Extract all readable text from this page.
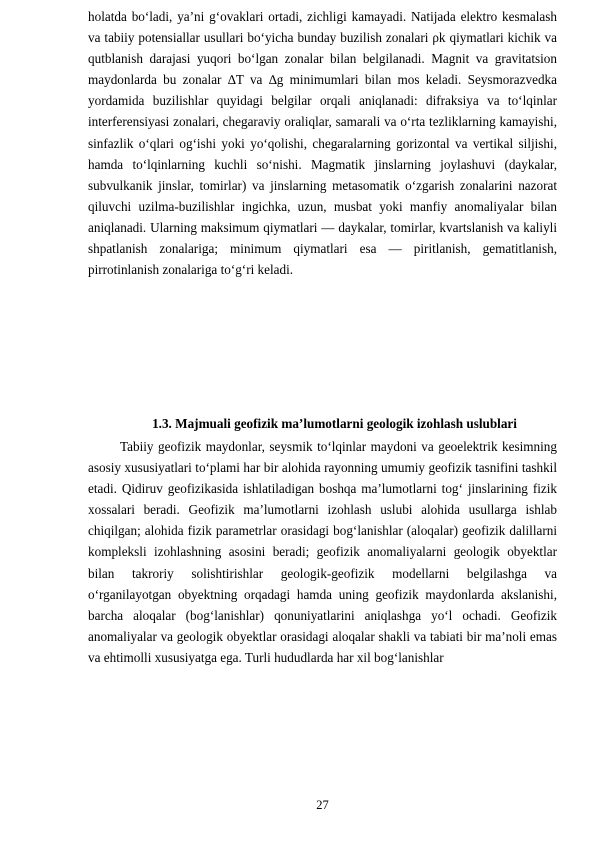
holatda bo‘ladi, ya’ni g‘ovaklari ortadi, zichligi kamayadi. Natijada elektro kesmalash va tabiiy potensiallar usullari bo‘yicha bunday buzilish zonalari ρk qiymatlari kichik va qutblanish darajasi yuqori bo‘lgan zonalar bilan belgilanadi. Magnit va gravitatsion maydonlarda bu zonalar ∆T va ∆g minimumlari bilan mos keladi. Seysmorazvedka yordamida buzilishlar quyidagi belgilar orqali aniqlanadi: difraksiya va to‘lqinlar interferensiyasi zonalari, chegaraviy oraliqlar, samarali va o‘rta tezliklarning kamayishi, sinfazlik o‘qlari og‘ishi yoki yo‘qolishi, chegaralarning gorizontal va vertikal siljishi, hamda to‘lqinlarning kuchli so‘nishi. Magmatik jinslarning joylashuvi (daykalar, subvulkanik jinslar, tomirlar) va jinslarning metasomatik o‘zgarish zonalarini nazorat qiluvchi uzilma-buzilishlar ingichka, uzun, musbat yoki manfiy anomaliyalar bilan aniqlanadi. Ularning maksimum qiymatlari — daykalar, tomirlar, kvartslanish va kaliyli shpatlanish zonalariga; minimum qiymatlari esa — piritlanish, gematitlanish, pirrotinlanish zonalariga to‘g‘ri keladi.

1.3. Majmuali geofizik ma’lumotlarni geologik izohlash uslublari

Tabiiy geofizik maydonlar, seysmik to‘lqinlar maydoni va geoelektrik kesimning asosiy xususiyatlari to‘plami har bir alohida rayonning umumiy geofizik tasnifini tashkil etadi. Qidiruv geofizikasida ishlatiladigan boshqa ma’lumotlarni tog‘ jinslarining fizik xossalari beradi. Geofizik ma’lumotlarni izohlash uslubi alohida usullarga ishlab chiqilgan; alohida fizik parametrlar orasidagi bog‘lanishlar (aloqalar) geofizik dalillarni kompleksli izohlashning asosini beradi; geofizik anomaliyalarni geologik obyektlar bilan takroriy solishtirishlar geologik-geofizik modellarni belgilashga va o‘rganilayotgan obyektning orqadagi hamda uning geofizik maydonlarda akslanishi, barcha aloqalar (bog‘lanishlar) qonuniyatlarini aniqlashga yo‘l ochadi. Geofizik anomaliyalar va geologik obyektlar orasidagi aloqalar shakli va tabiati bir ma’noli emas va ehtimolli xususiyatga ega. Turli hududlarda har xil bog‘lanishlar

27
